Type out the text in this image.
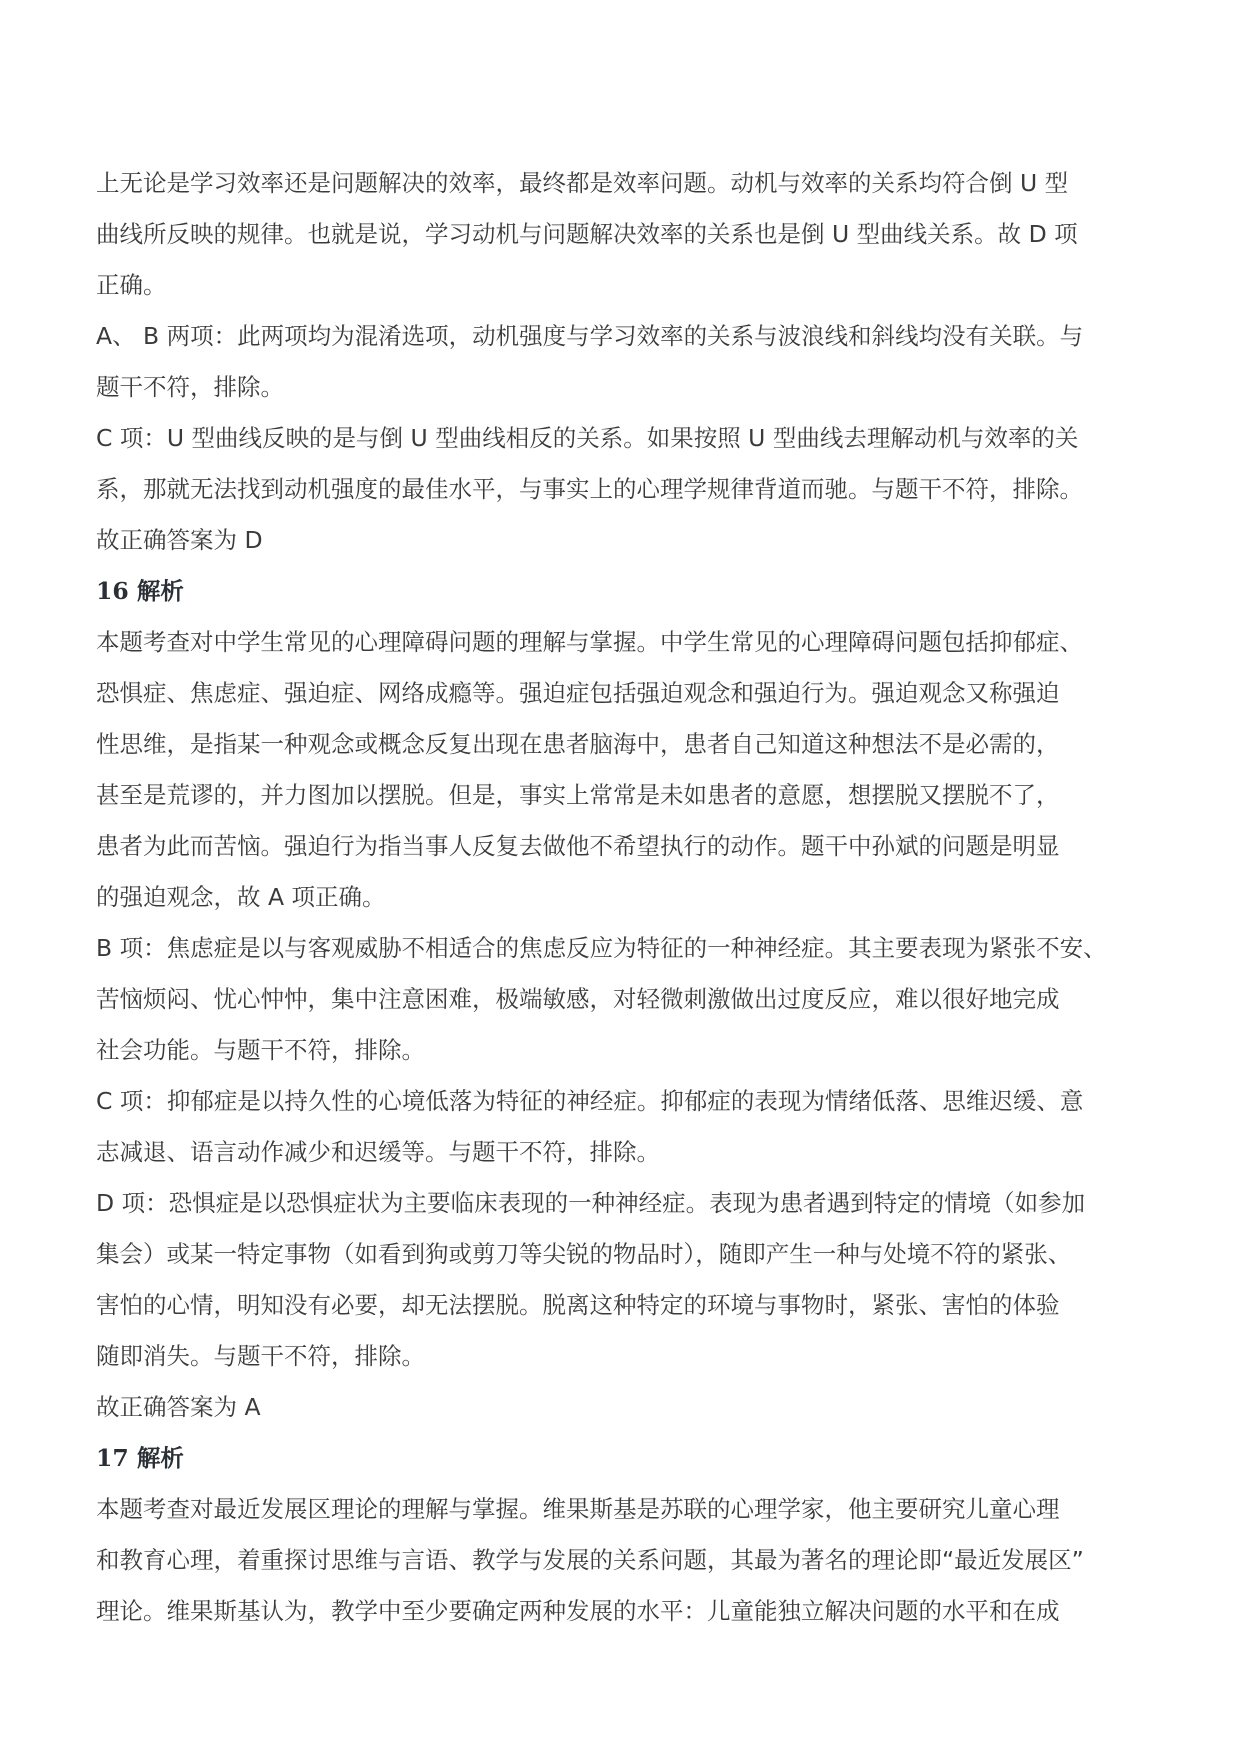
上无论是学习效率还是问题解决的效率，最终都是效率问题。动机与效率的关系均符合倒 U 型
曲线所反映的规律。也就是说，学习动机与问题解决效率的关系也是倒 U 型曲线关系。故 D 项
正确。
A、 B 两项：此两项均为混淆选项，动机强度与学习效率的关系与波浪线和斜线均没有关联。与
题干不符，排除。
C 项：U 型曲线反映的是与倒 U 型曲线相反的关系。如果按照 U 型曲线去理解动机与效率的关
系，那就无法找到动机强度的最佳水平，与事实上的心理学规律背道而驰。与题干不符，排除。
故正确答案为 D
16 解析
本题考查对中学生常见的心理障碍问题的理解与掌握。中学生常见的心理障碍问题包括抑郁症、
恐惧症、焦虑症、强迫症、网络成瘾等。强迫症包括强迫观念和强迫行为。强迫观念又称强迫
性思维，是指某一种观念或概念反复出现在患者脑海中，患者自己知道这种想法不是必需的，
甚至是荒谬的，并力图加以摆脱。但是，事实上常常是未如患者的意愿，想摆脱又摆脱不了，
患者为此而苦恼。强迫行为指当事人反复去做他不希望执行的动作。题干中孙斌的问题是明显
的强迫观念，故 A 项正确。
B 项：焦虑症是以与客观威胁不相适合的焦虑反应为特征的一种神经症。其主要表现为紧张不安、
苦恼烦闷、忧心忡忡，集中注意困难，极端敏感，对轻微刺激做出过度反应，难以很好地完成
社会功能。与题干不符，排除。
C 项：抑郁症是以持久性的心境低落为特征的神经症。抑郁症的表现为情绪低落、思维迟缓、意
志减退、语言动作减少和迟缓等。与题干不符，排除。
D 项：恐惧症是以恐惧症状为主要临床表现的一种神经症。表现为患者遇到特定的情境（如参加
集会）或某一特定事物（如看到狗或剪刀等尖锐的物品时），随即产生一种与处境不符的紧张、
害怕的心情，明知没有必要，却无法摆脱。脱离这种特定的环境与事物时，紧张、害怕的体验
随即消失。与题干不符，排除。
故正确答案为 A
17 解析
本题考查对最近发展区理论的理解与掌握。维果斯基是苏联的心理学家，他主要研究儿童心理
和教育心理，着重探讨思维与言语、教学与发展的关系问题，其最为著名的理论即“最近发展区”
理论。维果斯基认为，教学中至少要确定两种发展的水平：儿童能独立解决问题的水平和在成
